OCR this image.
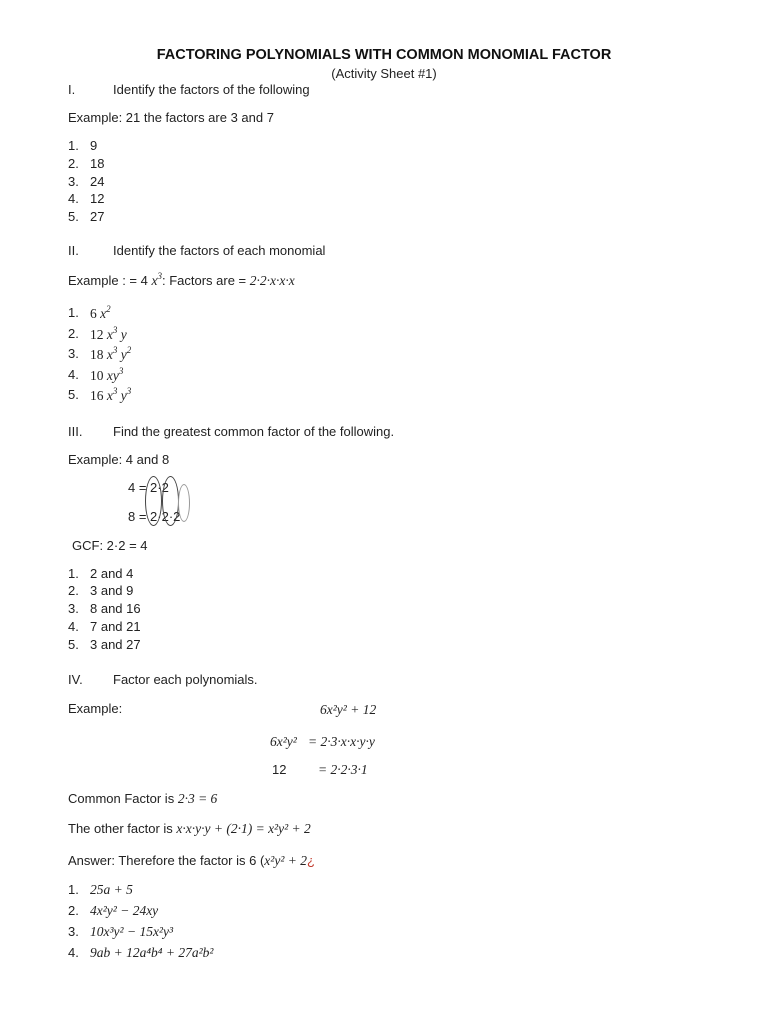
FACTORING POLYNOMIALS WITH COMMON MONOMIAL FACTOR
(Activity Sheet #1)
I.	Identify the factors of the following
Example: 21 the factors are 3 and 7
1. 9
2. 18
3. 24
4. 12
5. 27
II.	Identify the factors of each monomial
Example : = 4 $x^3$: Factors are = 2·2·x·x·x
1. 6 $x^2$
2. 12 $x^3$ y
3. 18 $x^3$ $y^2$
4. 10 $xy^3$
5. 16 $x^3$ $y^3$
III. Find the greatest common factor of the following.
Example: 4 and 8
4 = 2·2
8 = 2·2·2
GCF: 2·2 = 4
1. 2 and 4
2. 3 and 9
3. 8 and 16
4. 7 and 21
5. 3 and 27
IV. Factor each polynomials.
Example:	6x²y² + 12
6x²y² = 2·3·x·x·y·y
12 = 2·2·3·1
Common Factor is 2·3 = 6
The other factor is x·x·y·y + (2·1) = x²y² + 2
Answer: Therefore the factor is 6 (x²y² + 2¿
1. 25a + 5
2. 4x²y² − 24xy
3. 10x³y² − 15x²y³
4. 9ab + 12a⁴b⁴ + 27a²b²
